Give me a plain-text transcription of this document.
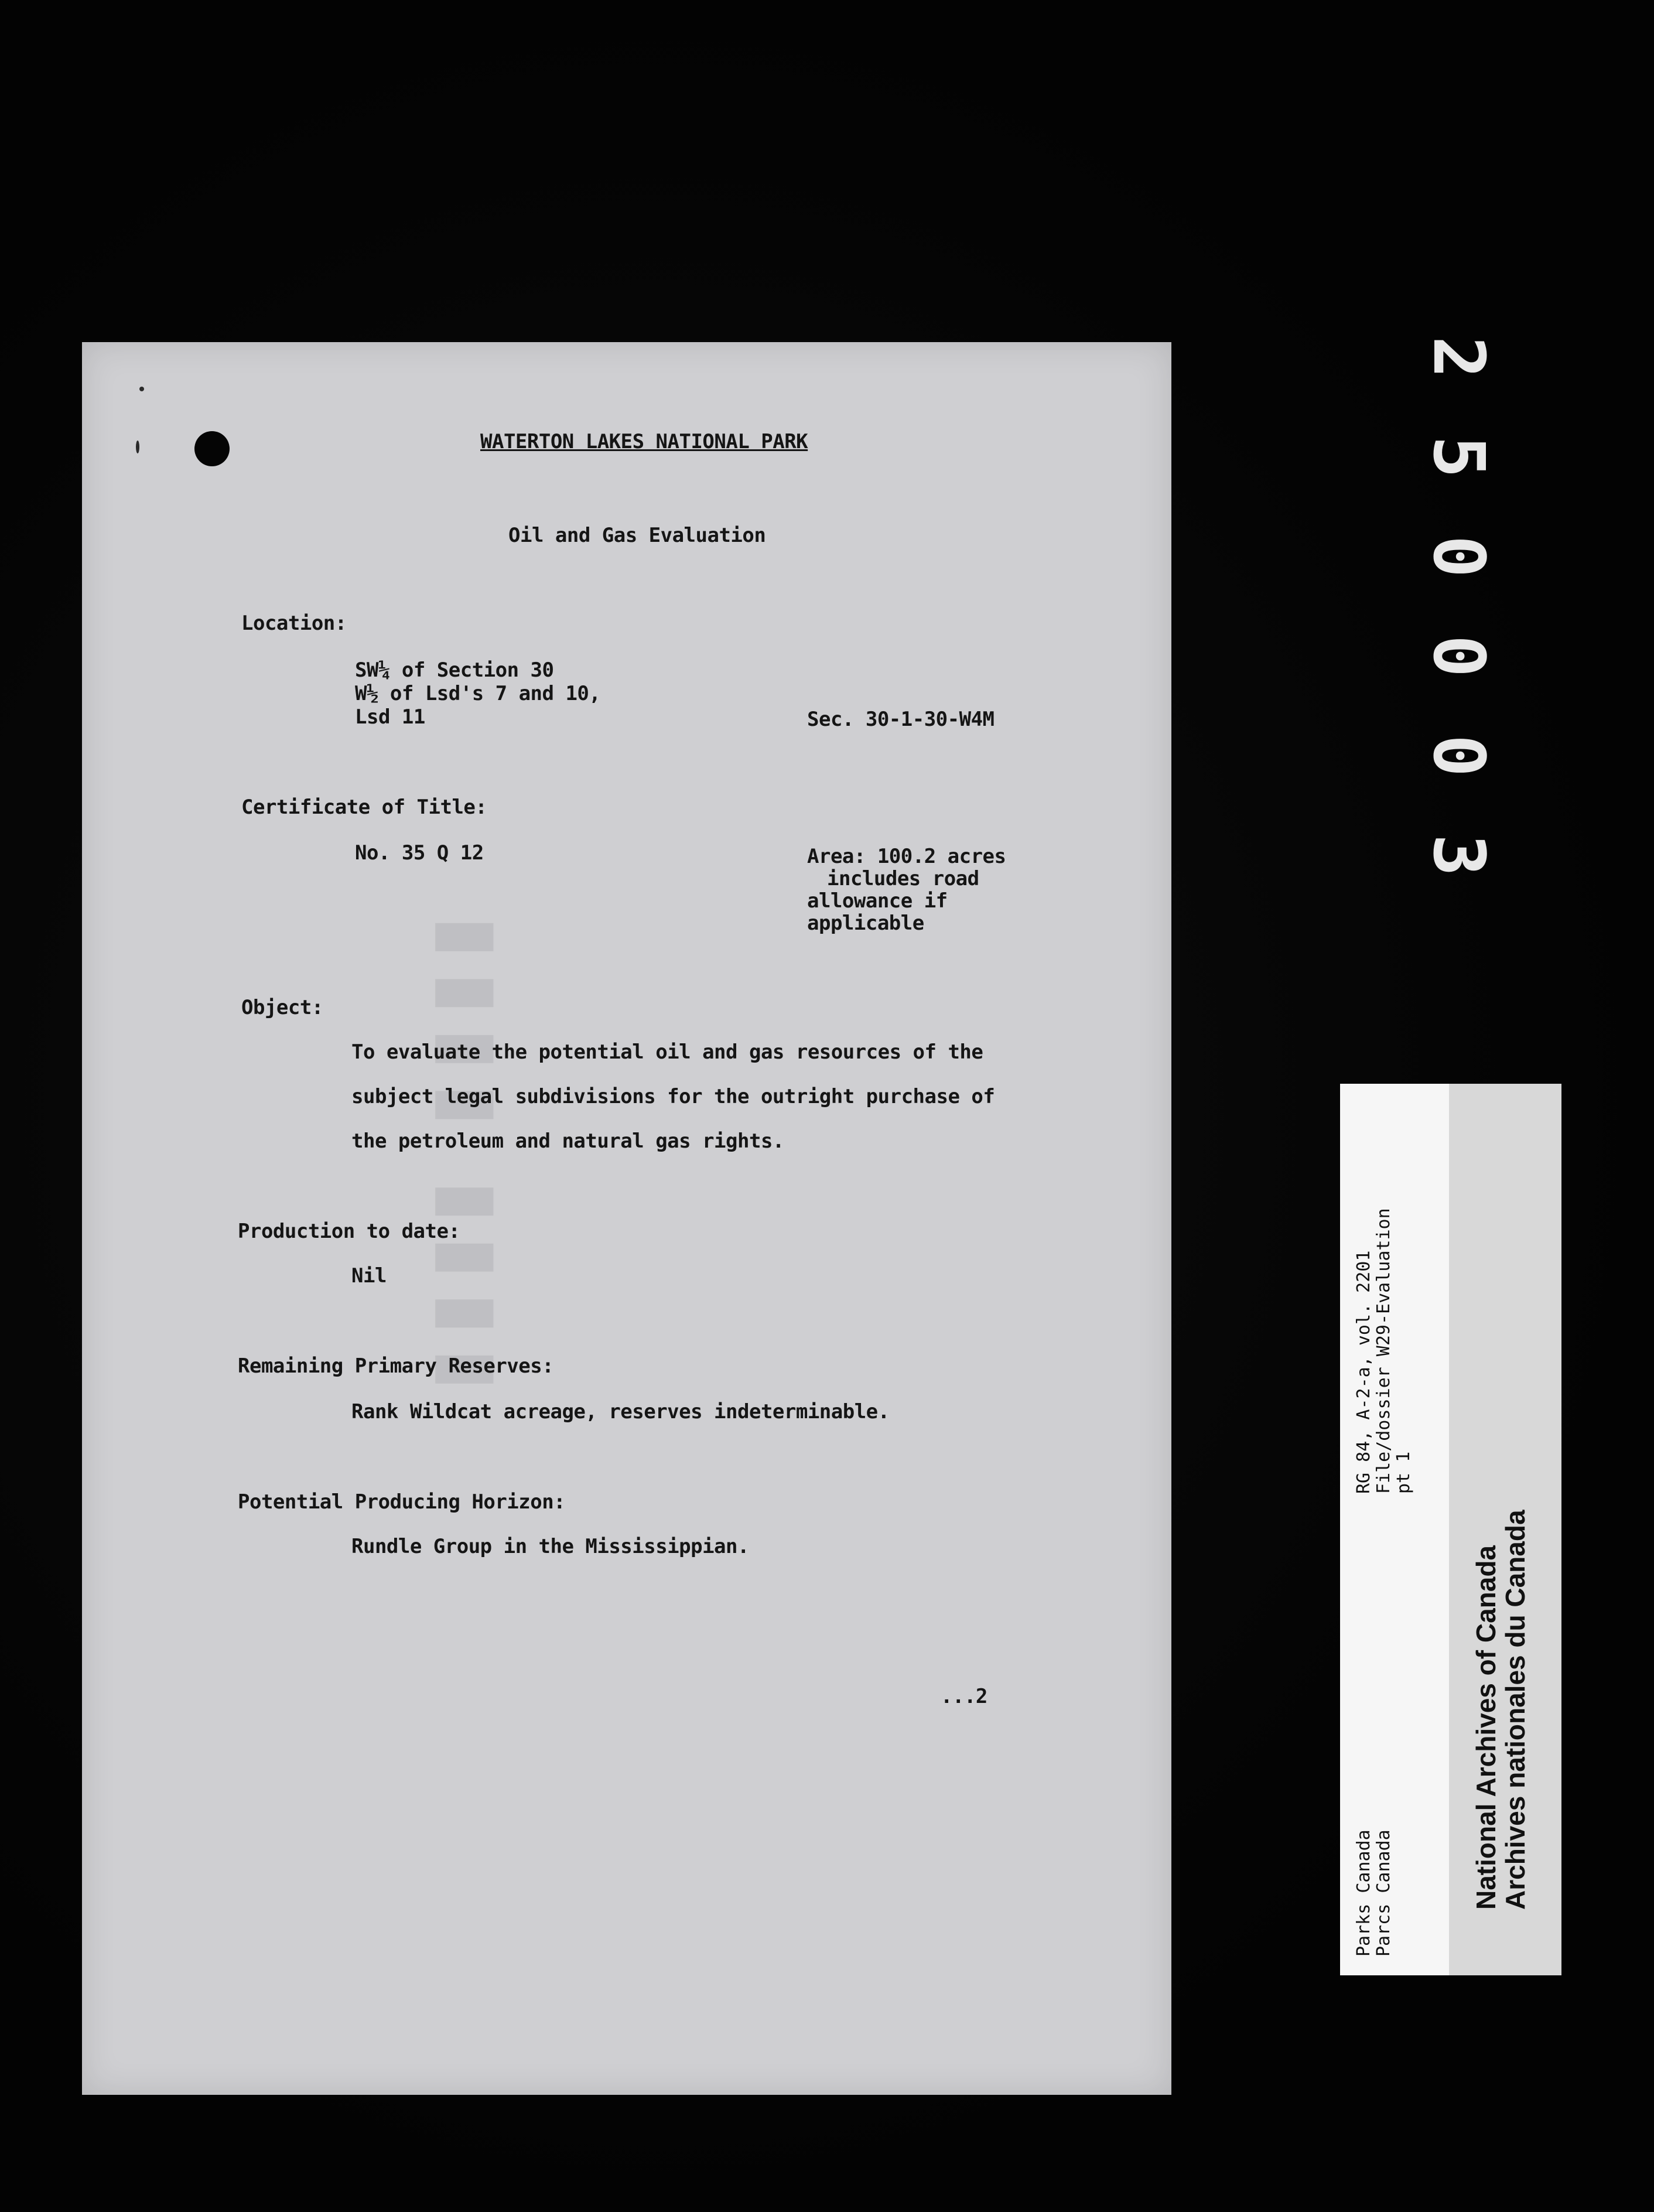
▮▮▮▮ ▮▮▮▮
WATERTON LAKES NATIONAL PARK
Oil and Gas Evaluation
Location:
SW¼ of Section 30
W½ of Lsd's 7 and 10,
Lsd 11	Sec. 30-1-30-W4M
Certificate of Title:
No. 35 Q 12	Area: 100.2 acres
includes road
allowance if
applicable
Object:
To evaluate the potential oil and gas resources of the
subject legal subdivisions for the outright purchase of
the petroleum and natural gas rights.
Production to date:
Nil
Remaining Primary Reserves:
Rank Wildcat acreage, reserves indeterminable.
Potential Producing Horizon:
Rundle Group in the Mississippian.
...2
2
5
0
0
0
3
RG 84, A-2-a, vol. 2201 File/dossier W29-Evaluation pt 1
Parks Canada Parcs Canada	National Archives of Canada
Archives nationales du Canada
